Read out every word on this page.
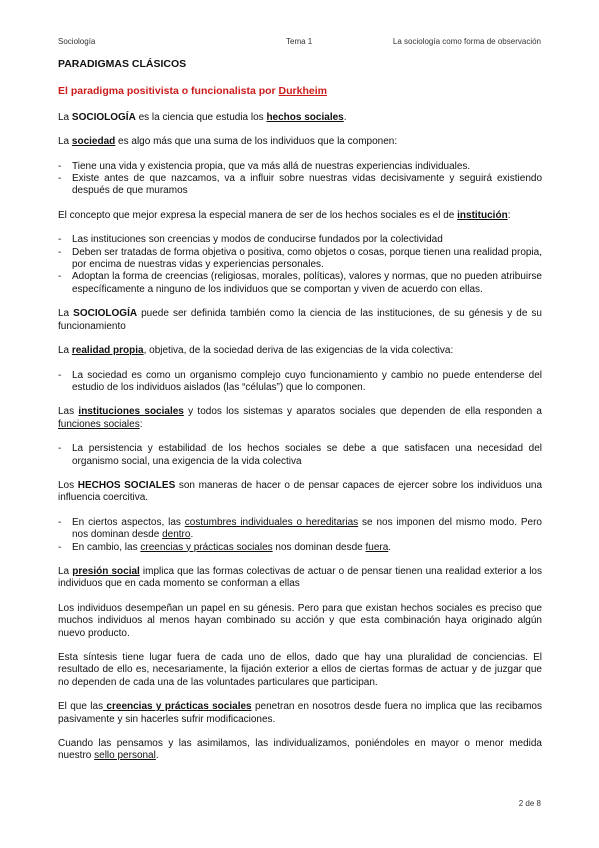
Sociología	Tema 1	La sociología como forma de observación
PARADIGMAS CLÁSICOS
El paradigma positivista o funcionalista por Durkheim

La SOCIOLOGÍA es la ciencia que estudia los hechos sociales.

La sociedad es algo más que una suma de los individuos que la componen:

- Tiene una vida y existencia propia, que va más allá de nuestras experiencias individuales.
- Existe antes de que nazcamos, va a influir sobre nuestras vidas decisivamente y seguirá existiendo después de que muramos

El concepto que mejor expresa la especial manera de ser de los hechos sociales es el de institución:

- Las instituciones son creencias y modos de conducirse fundados por la colectividad
- Deben ser tratadas de forma objetiva o positiva, como objetos o cosas, porque tienen una realidad propia, por encima de nuestras vidas y experiencias personales.
- Adoptan la forma de creencias (religiosas, morales, políticas), valores y normas, que no pueden atribuirse específicamente a ninguno de los individuos que se comportan y viven de acuerdo con ellas.

La SOCIOLOGÍA puede ser definida también como la ciencia de las instituciones, de su génesis y de su funcionamiento

La realidad propia, objetiva, de la sociedad deriva de las exigencias de la vida colectiva:

- La sociedad es como un organismo complejo cuyo funcionamiento y cambio no puede entenderse del estudio de los individuos aislados (las “células”) que lo componen.

Las instituciones sociales y todos los sistemas y aparatos sociales que dependen de ella responden a funciones sociales:

- La persistencia y estabilidad de los hechos sociales se debe a que satisfacen una necesidad del organismo social, una exigencia de la vida colectiva

Los HECHOS SOCIALES son maneras de hacer o de pensar capaces de ejercer sobre los individuos una influencia coercitiva.

- En ciertos aspectos, las costumbres individuales o hereditarias se nos imponen del mismo modo. Pero nos dominan desde dentro.
- En cambio, las creencias y prácticas sociales nos dominan desde fuera.

La presión social implica que las formas colectivas de actuar o de pensar tienen una realidad exterior a los individuos que en cada momento se conforman a ellas

Los individuos desempeñan un papel en su génesis. Pero para que existan hechos sociales es preciso que muchos individuos al menos hayan combinado su acción y que esta combinación haya originado algún nuevo producto.

Esta síntesis tiene lugar fuera de cada uno de ellos, dado que hay una pluralidad de conciencias. El resultado de ello es, necesariamente, la fijación exterior a ellos de ciertas formas de actuar y de juzgar que no dependen de cada una de las voluntades particulares que participan.

El que las creencias y prácticas sociales penetran en nosotros desde fuera no implica que las recibamos pasivamente y sin hacerles sufrir modificaciones.

Cuando las pensamos y las asimilamos, las individualizamos, poniéndoles en mayor o menor medida nuestro sello personal.

2 de 8
